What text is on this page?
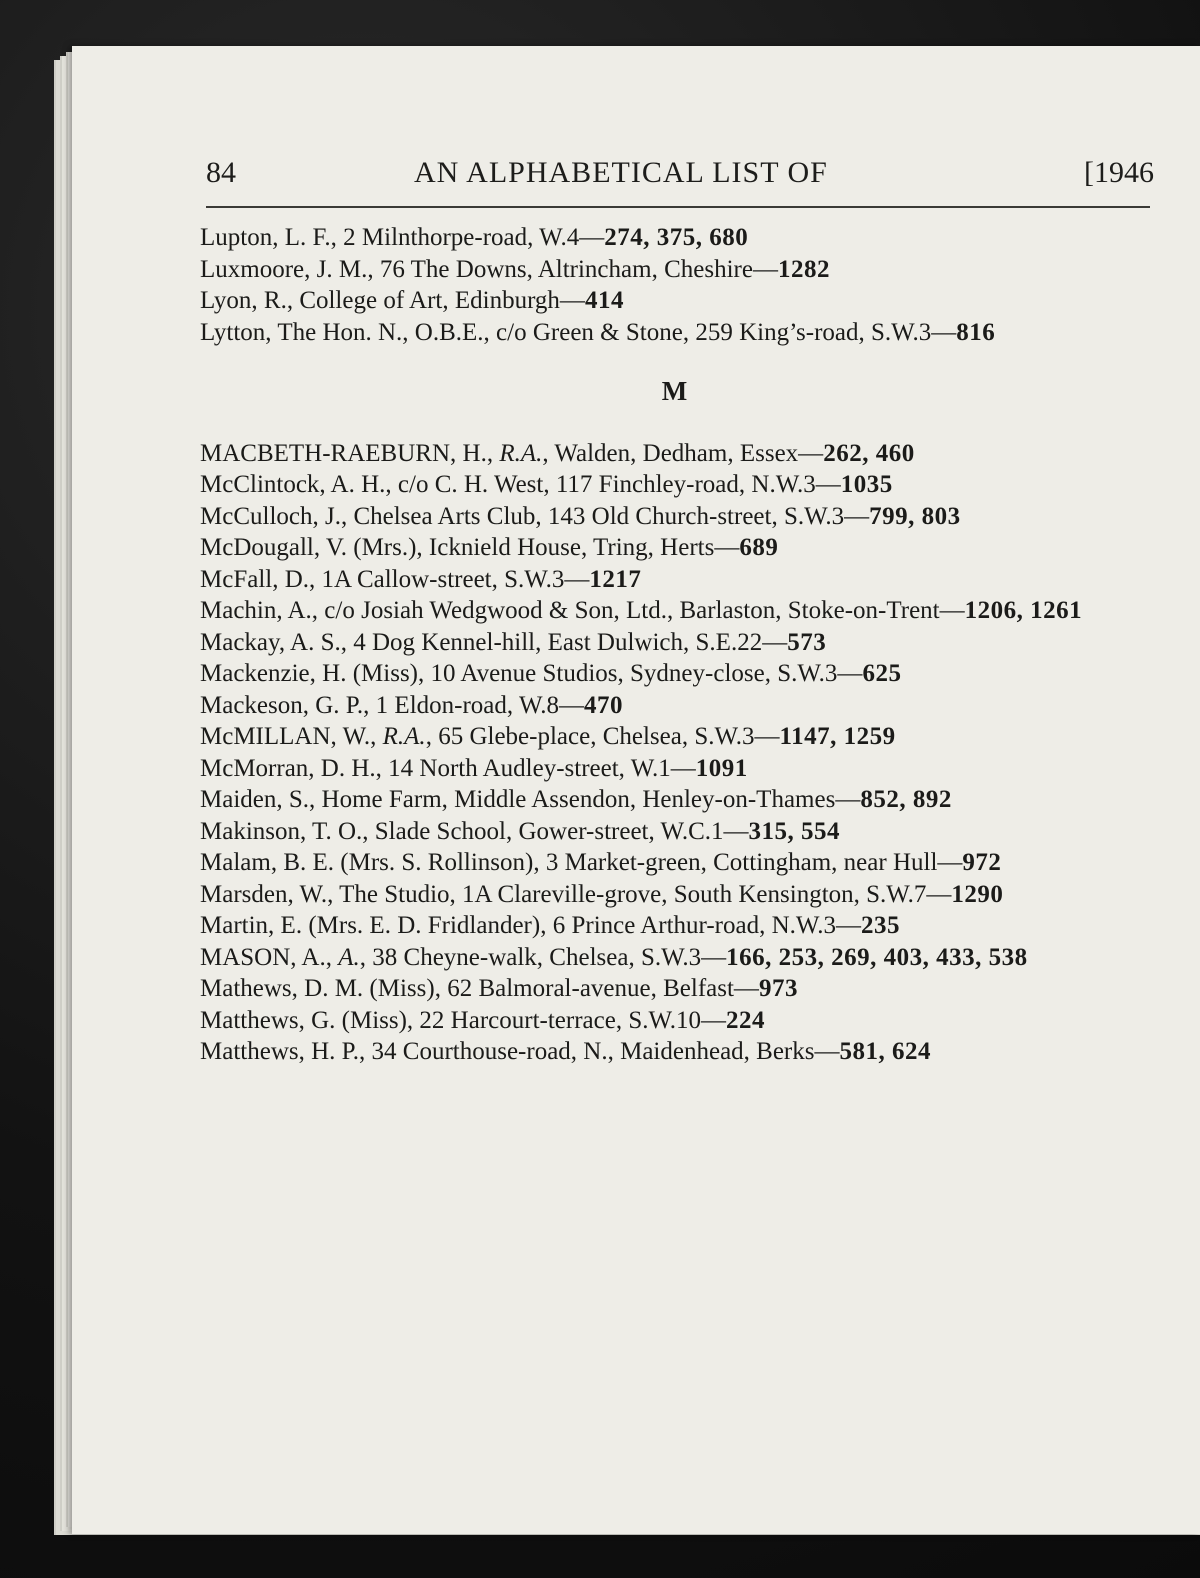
84	AN ALPHABETICAL LIST OF	[1946

Lupton, L. F., 2 Milnthorpe-road, W.4—274, 375, 680

Luxmoore, J. M., 76 The Downs, Altrincham, Cheshire—1282

Lyon, R., College of Art, Edinburgh—414

Lytton, The Hon. N., O.B.E., c/o Green & Stone, 259 King’s-road, S.W.3—816

M

MACBETH-RAEBURN, H., R.A., Walden, Dedham, Essex—262, 460

McClintock, A. H., c/o C. H. West, 117 Finchley-road, N.W.3—1035

McCulloch, J., Chelsea Arts Club, 143 Old Church-street, S.W.3—799, 803

McDougall, V. (Mrs.), Icknield House, Tring, Herts—689

McFall, D., 1A Callow-street, S.W.3—1217

Machin, A., c/o Josiah Wedgwood & Son, Ltd., Barlaston, Stoke-on-Trent—1206, 1261

Mackay, A. S., 4 Dog Kennel-hill, East Dulwich, S.E.22—573

Mackenzie, H. (Miss), 10 Avenue Studios, Sydney-close, S.W.3—625

Mackeson, G. P., 1 Eldon-road, W.8—470

McMILLAN, W., R.A., 65 Glebe-place, Chelsea, S.W.3—1147, 1259

McMorran, D. H., 14 North Audley-street, W.1—1091

Maiden, S., Home Farm, Middle Assendon, Henley-on-Thames—852, 892

Makinson, T. O., Slade School, Gower-street, W.C.1—315, 554

Malam, B. E. (Mrs. S. Rollinson), 3 Market-green, Cottingham, near Hull—972

Marsden, W., The Studio, 1A Clareville-grove, South Kensington, S.W.7—1290

Martin, E. (Mrs. E. D. Fridlander), 6 Prince Arthur-road, N.W.3—235

MASON, A., A., 38 Cheyne-walk, Chelsea, S.W.3—166, 253, 269, 403, 433, 538

Mathews, D. M. (Miss), 62 Balmoral-avenue, Belfast—973

Matthews, G. (Miss), 22 Harcourt-terrace, S.W.10—224

Matthews, H. P., 34 Courthouse-road, N., Maidenhead, Berks—581, 624
